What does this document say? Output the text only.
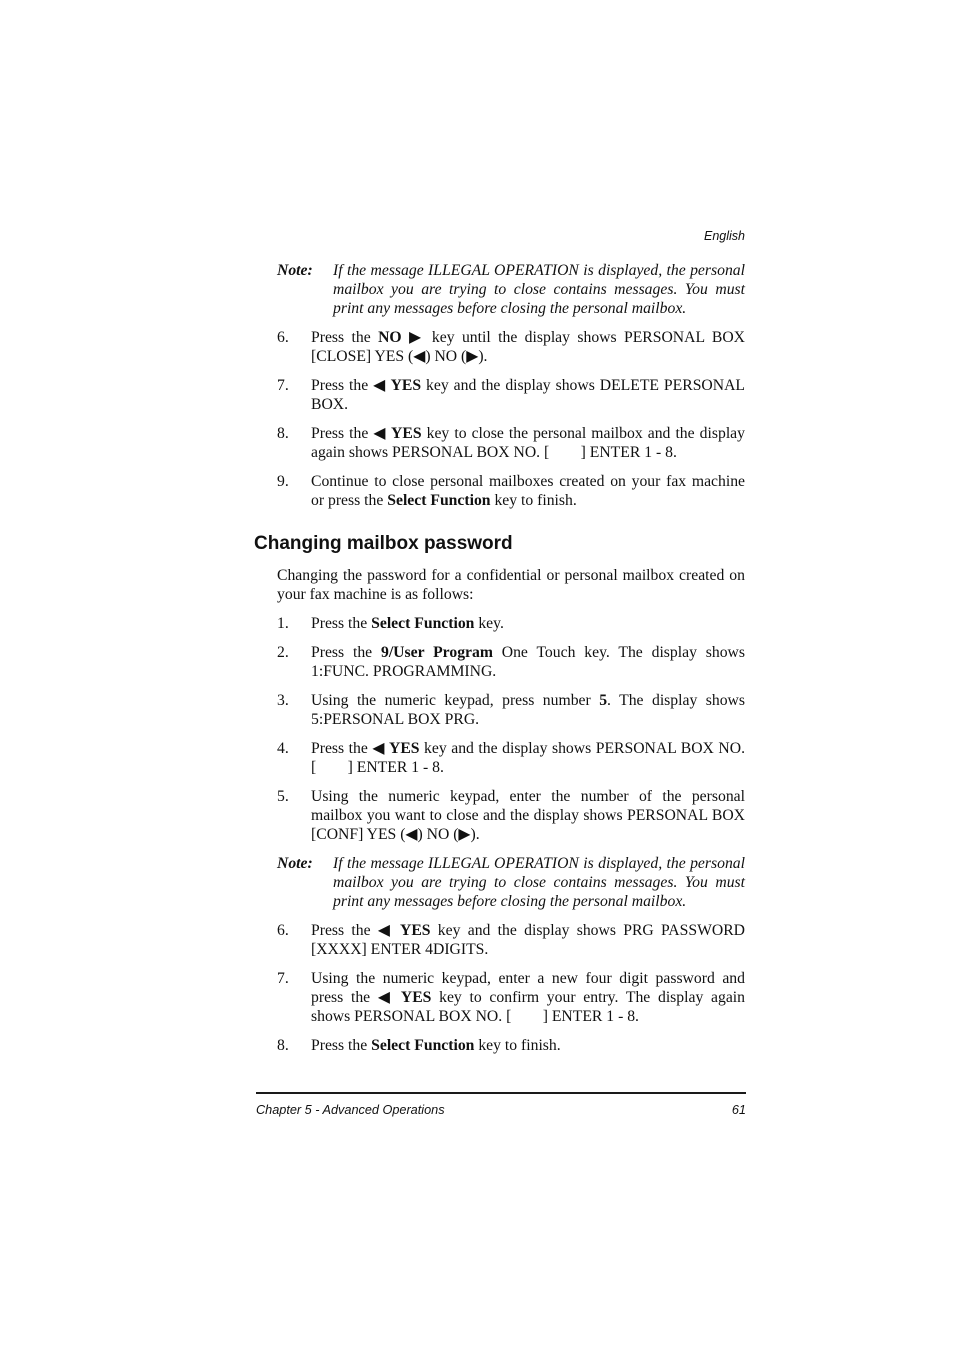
English
Note:	If the message ILLEGAL OPERATION is displayed, the personal
mailbox you are trying to close contains messages. You must
print any messages before closing the personal mailbox.
6.	Press the NO ▶ key until the display shows PERSONAL BOX
[CLOSE] YES (◀) NO (▶).
7.	Press the ◀ YES key and the display shows DELETE PERSONAL
BOX.
8.	Press the ◀ YES key to close the personal mailbox and the display
again shows PERSONAL BOX NO. [        ] ENTER 1 - 8.
9.	Continue to close personal mailboxes created on your fax machine
or press the Select Function key to finish.
Changing mailbox password
Changing the password for a confidential or personal mailbox created on
your fax machine is as follows:
1.	Press the Select Function key.
2.	Press the 9/User Program One Touch key. The display shows
1:FUNC. PROGRAMMING.
3.	Using the numeric keypad, press number 5. The display shows
5:PERSONAL BOX PRG.
4.	Press the ◀ YES key and the display shows PERSONAL BOX NO.
[        ] ENTER 1 - 8.
5.	Using the numeric keypad, enter the number of the personal
mailbox you want to close and the display shows PERSONAL BOX
[CONF] YES (◀) NO (▶).
Note:	If the message ILLEGAL OPERATION is displayed, the personal
mailbox you are trying to close contains messages. You must
print any messages before closing the personal mailbox.
6.	Press the ◀ YES key and the display shows PRG PASSWORD
[XXXX] ENTER 4DIGITS.
7.	Using the numeric keypad, enter a new four digit password and
press the ◀ YES key to confirm your entry. The display again
shows PERSONAL BOX NO. [        ] ENTER 1 - 8.
8.	Press the Select Function key to finish.
Chapter 5 - Advanced Operations	61
